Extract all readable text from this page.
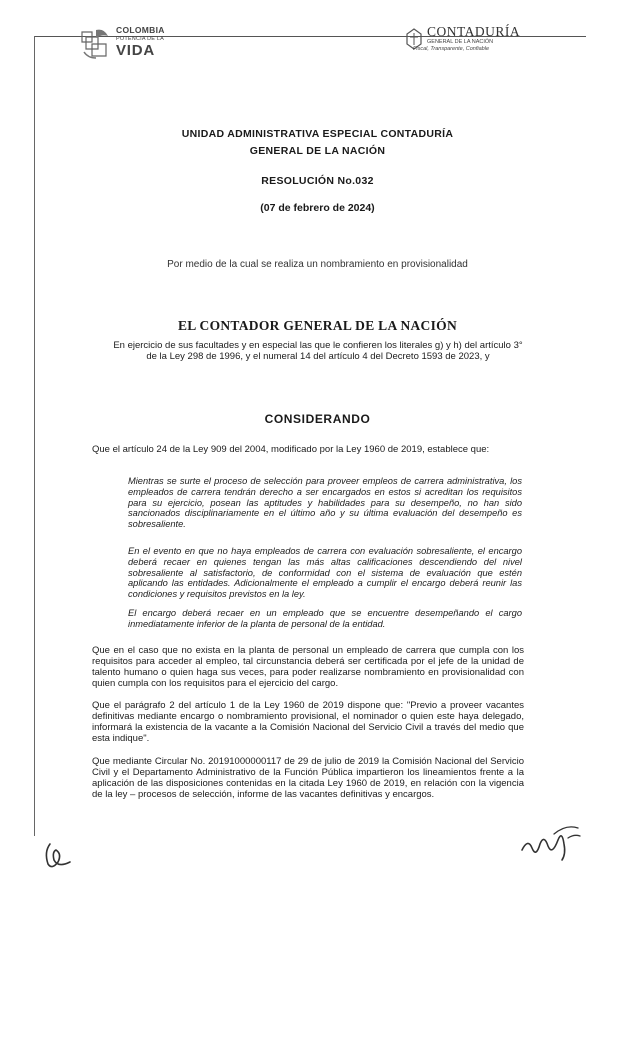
COLOMBIA
POTENCIA DE LA
VIDA
CONTADURÍA
GENERAL DE LA NACIÓN
Fiscal, Transparente, Confiable
UNIDAD ADMINISTRATIVA ESPECIAL CONTADURÍA
GENERAL DE LA NACIÓN
RESOLUCIÓN No.032
(07 de febrero de 2024)
Por medio de la cual se realiza un nombramiento en provisionalidad
EL CONTADOR GENERAL DE LA NACIÓN
En ejercicio de sus facultades y en especial las que le confieren los literales g) y h) del artículo 3° de la Ley 298 de 1996, y el numeral 14 del artículo 4 del Decreto 1593 de 2023, y
CONSIDERANDO
Que el artículo 24 de la Ley 909 del 2004, modificado por la Ley 1960 de 2019, establece que:
Mientras se surte el proceso de selección para proveer empleos de carrera administrativa, los empleados de carrera tendrán derecho a ser encargados en estos si acreditan los requisitos para su ejercicio, posean las aptitudes y habilidades para su desempeño, no han sido sancionados disciplinariamente en el último año y su última evaluación del desempeño es sobresaliente.
En el evento en que no haya empleados de carrera con evaluación sobresaliente, el encargo deberá recaer en quienes tengan las más altas calificaciones descendiendo del nivel sobresaliente al satisfactorio, de conformidad con el sistema de evaluación que estén aplicando las entidades. Adicionalmente el empleado a cumplir el encargo deberá reunir las condiciones y requisitos previstos en la ley.
El encargo deberá recaer en un empleado que se encuentre desempeñando el cargo inmediatamente inferior de la planta de personal de la entidad.
Que en el caso que no exista en la planta de personal un empleado de carrera que cumpla con los requisitos para acceder al empleo, tal circunstancia deberá ser certificada por el jefe de la unidad de talento humano o quien haga sus veces, para poder realizarse nombramiento en provisionalidad con quien cumpla con los requisitos para el ejercicio del cargo.
Que el parágrafo 2 del artículo 1 de la Ley 1960 de 2019 dispone que: "Previo a proveer vacantes definitivas mediante encargo o nombramiento provisional, el nominador o quien este haya delegado, informará la existencia de la vacante a la Comisión Nacional del Servicio Civil a través del medio que esta indique".
Que mediante Circular No. 20191000000117 de 29 de julio de 2019 la Comisión Nacional del Servicio Civil y el Departamento Administrativo de la Función Pública impartieron los lineamientos frente a la aplicación de las disposiciones contenidas en la citada Ley 1960 de 2019, en relación con la vigencia de la ley – procesos de selección, informe de las vacantes definitivas y encargos.
